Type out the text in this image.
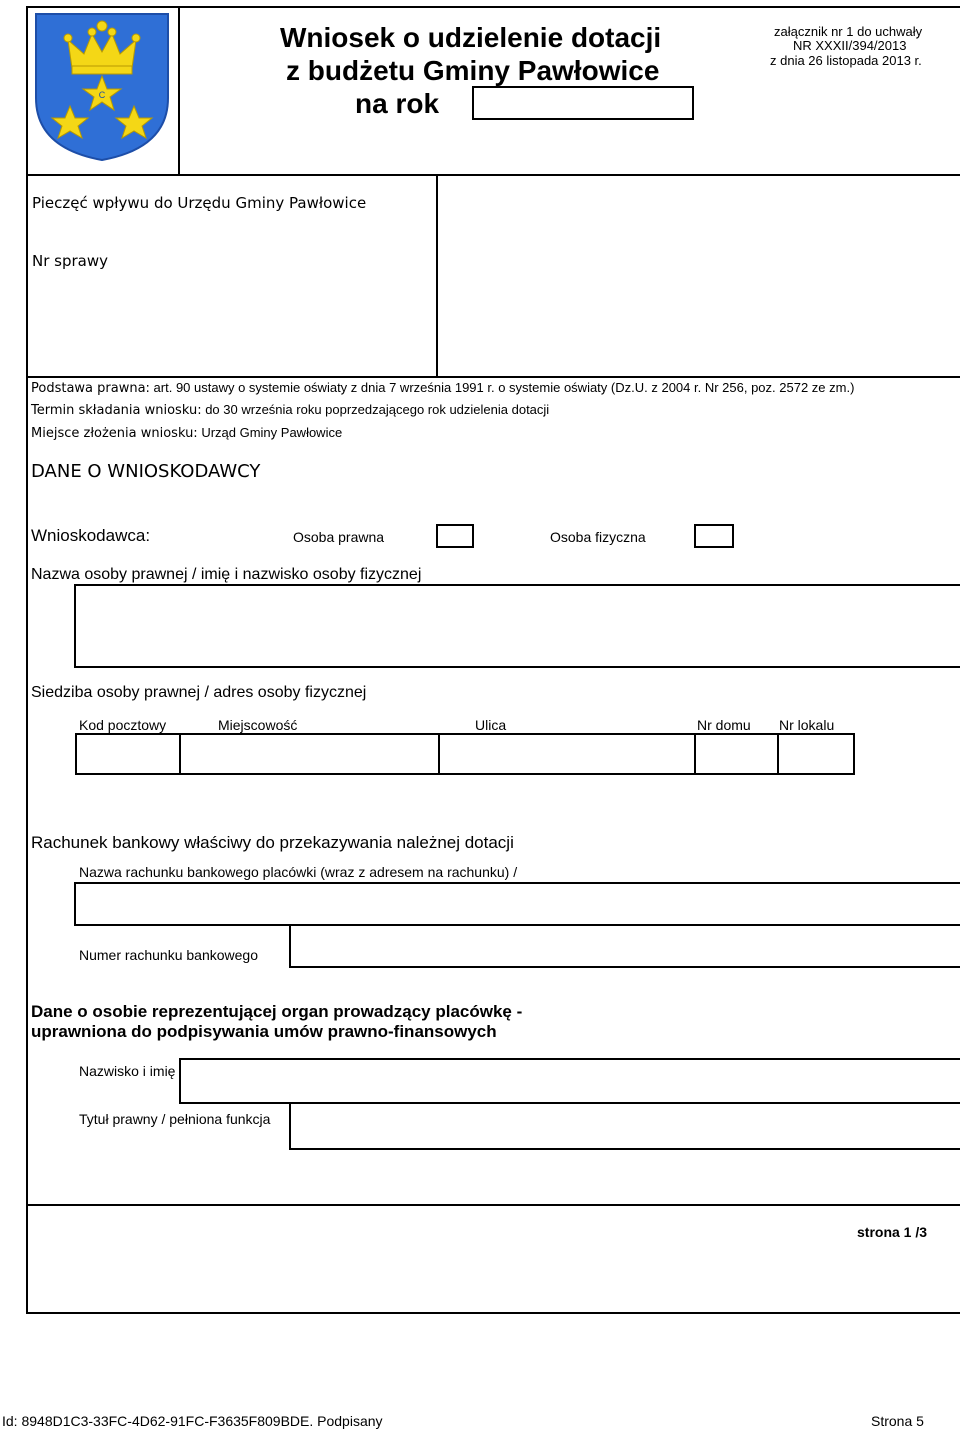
C
Wniosek o udzielenie dotacji
z budżetu Gminy Pawłowice
na rok
załącznik nr 1 do uchwały
NR XXXII/394/2013
z dnia 26 listopada 2013 r.
Pieczęć wpływu do Urzędu Gminy Pawłowice
Nr sprawy
Podstawa prawna: art. 90 ustawy o systemie oświaty z dnia 7 września 1991 r. o systemie oświaty (Dz.U. z 2004 r. Nr 256, poz. 2572 ze zm.)
Termin składania wniosku: do 30 września roku poprzedzającego rok udzielenia dotacji
Miejsce złożenia wniosku: Urząd Gminy Pawłowice
DANE O WNIOSKODAWCY
Wnioskodawca:	Osoba prawna	Osoba fizyczna
Nazwa osoby prawnej / imię i nazwisko osoby fizycznej
Siedziba osoby prawnej / adres osoby fizycznej
Kod pocztowy	Miejscowość	Ulica	Nr domu Nr lokalu
Rachunek bankowy właściwy do przekazywania należnej dotacji
Nazwa rachunku bankowego placówki (wraz z adresem na rachunku) /
Numer rachunku bankowego
Dane o osobie reprezentującej organ prowadzący placówkę -
uprawniona do podpisywania umów prawno-finansowych
Nazwisko i imię
Tytuł prawny / pełniona funkcja
strona 1 /3
Id: 8948D1C3-33FC-4D62-91FC-F3635F809BDE. Podpisany	Strona 5
